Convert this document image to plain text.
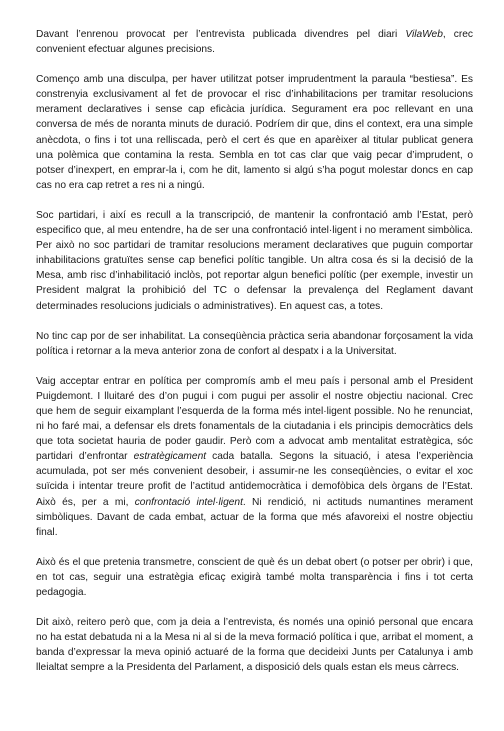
Davant l’enrenou provocat per l’entrevista publicada divendres pel diari VilaWeb, crec convenient efectuar algunes precisions.

Començo amb una disculpa, per haver utilitzat potser imprudentment la paraula “bestiesa”. Es constrenyia exclusivament al fet de provocar el risc d’inhabilitacions per tramitar resolucions merament declaratives i sense cap eficàcia jurídica. Segurament era poc rellevant en una conversa de més de noranta minuts de duració. Podríem dir que, dins el context, era una simple anècdota, o fins i tot una relliscada, però el cert és que en aparèixer al titular publicat genera una polèmica que contamina la resta. Sembla en tot cas clar que vaig pecar d’imprudent, o potser d’inexpert, en emprar-la i, com he dit, lamento si algú s’ha pogut molestar doncs en cap cas no era cap retret a res ni a ningú.

Soc partidari, i així es recull a la transcripció, de mantenir la confrontació amb l’Estat, però especifico que, al meu entendre, ha de ser una confrontació intel·ligent i no merament simbòlica. Per això no soc partidari de tramitar resolucions merament declaratives que puguin comportar inhabilitacions gratuïtes sense cap benefici polític tangible. Un altra cosa és si la decisió de la Mesa, amb risc d’inhabilitació inclòs, pot reportar algun benefici polític (per exemple, investir un President malgrat la prohibició del TC o defensar la prevalença del Reglament davant determinades resolucions judicials o administratives). En aquest cas, a totes.

No tinc cap por de ser inhabilitat. La conseqüència pràctica seria abandonar forçosament la vida política i retornar a la meva anterior zona de confort al despatx i a la Universitat.

Vaig acceptar entrar en política per compromís amb el meu país i personal amb el President Puigdemont. I lluitaré des d’on pugui i com pugui per assolir el nostre objectiu nacional. Crec que hem de seguir eixamplant l’esquerda de la forma més intel·ligent possible. No he renunciat, ni ho faré mai, a defensar els drets fonamentals de la ciutadania i els principis democràtics dels que tota societat hauria de poder gaudir. Però com a advocat amb mentalitat estratègica, sóc partidari d’enfrontar estratègicament cada batalla. Segons la situació, i atesa l’experiència acumulada, pot ser més convenient desobeir, i assumir-ne les conseqüències, o evitar el xoc suïcida i intentar treure profit de l’actitud antidemocràtica i demofòbica dels òrgans de l’Estat. Això és, per a mi, confrontació intel·ligent. Ni rendició, ni actituds numantines merament simbòliques. Davant de cada embat, actuar de la forma que més afavoreixi el nostre objectiu final.

Això és el que pretenia transmetre, conscient de què és un debat obert (o potser per obrir) i que, en tot cas, seguir una estratègia eficaç exigirà també molta transparència i fins i tot certa pedagogia.

Dit això, reitero però que, com ja deia a l’entrevista, és només una opinió personal que encara no ha estat debatuda ni a la Mesa ni al si de la meva formació política i que, arribat el moment, a banda d’expressar la meva opinió actuaré de la forma que decideixi Junts per Catalunya i amb lleialtat sempre a la Presidenta del Parlament, a disposició dels quals estan els meus càrrecs.
